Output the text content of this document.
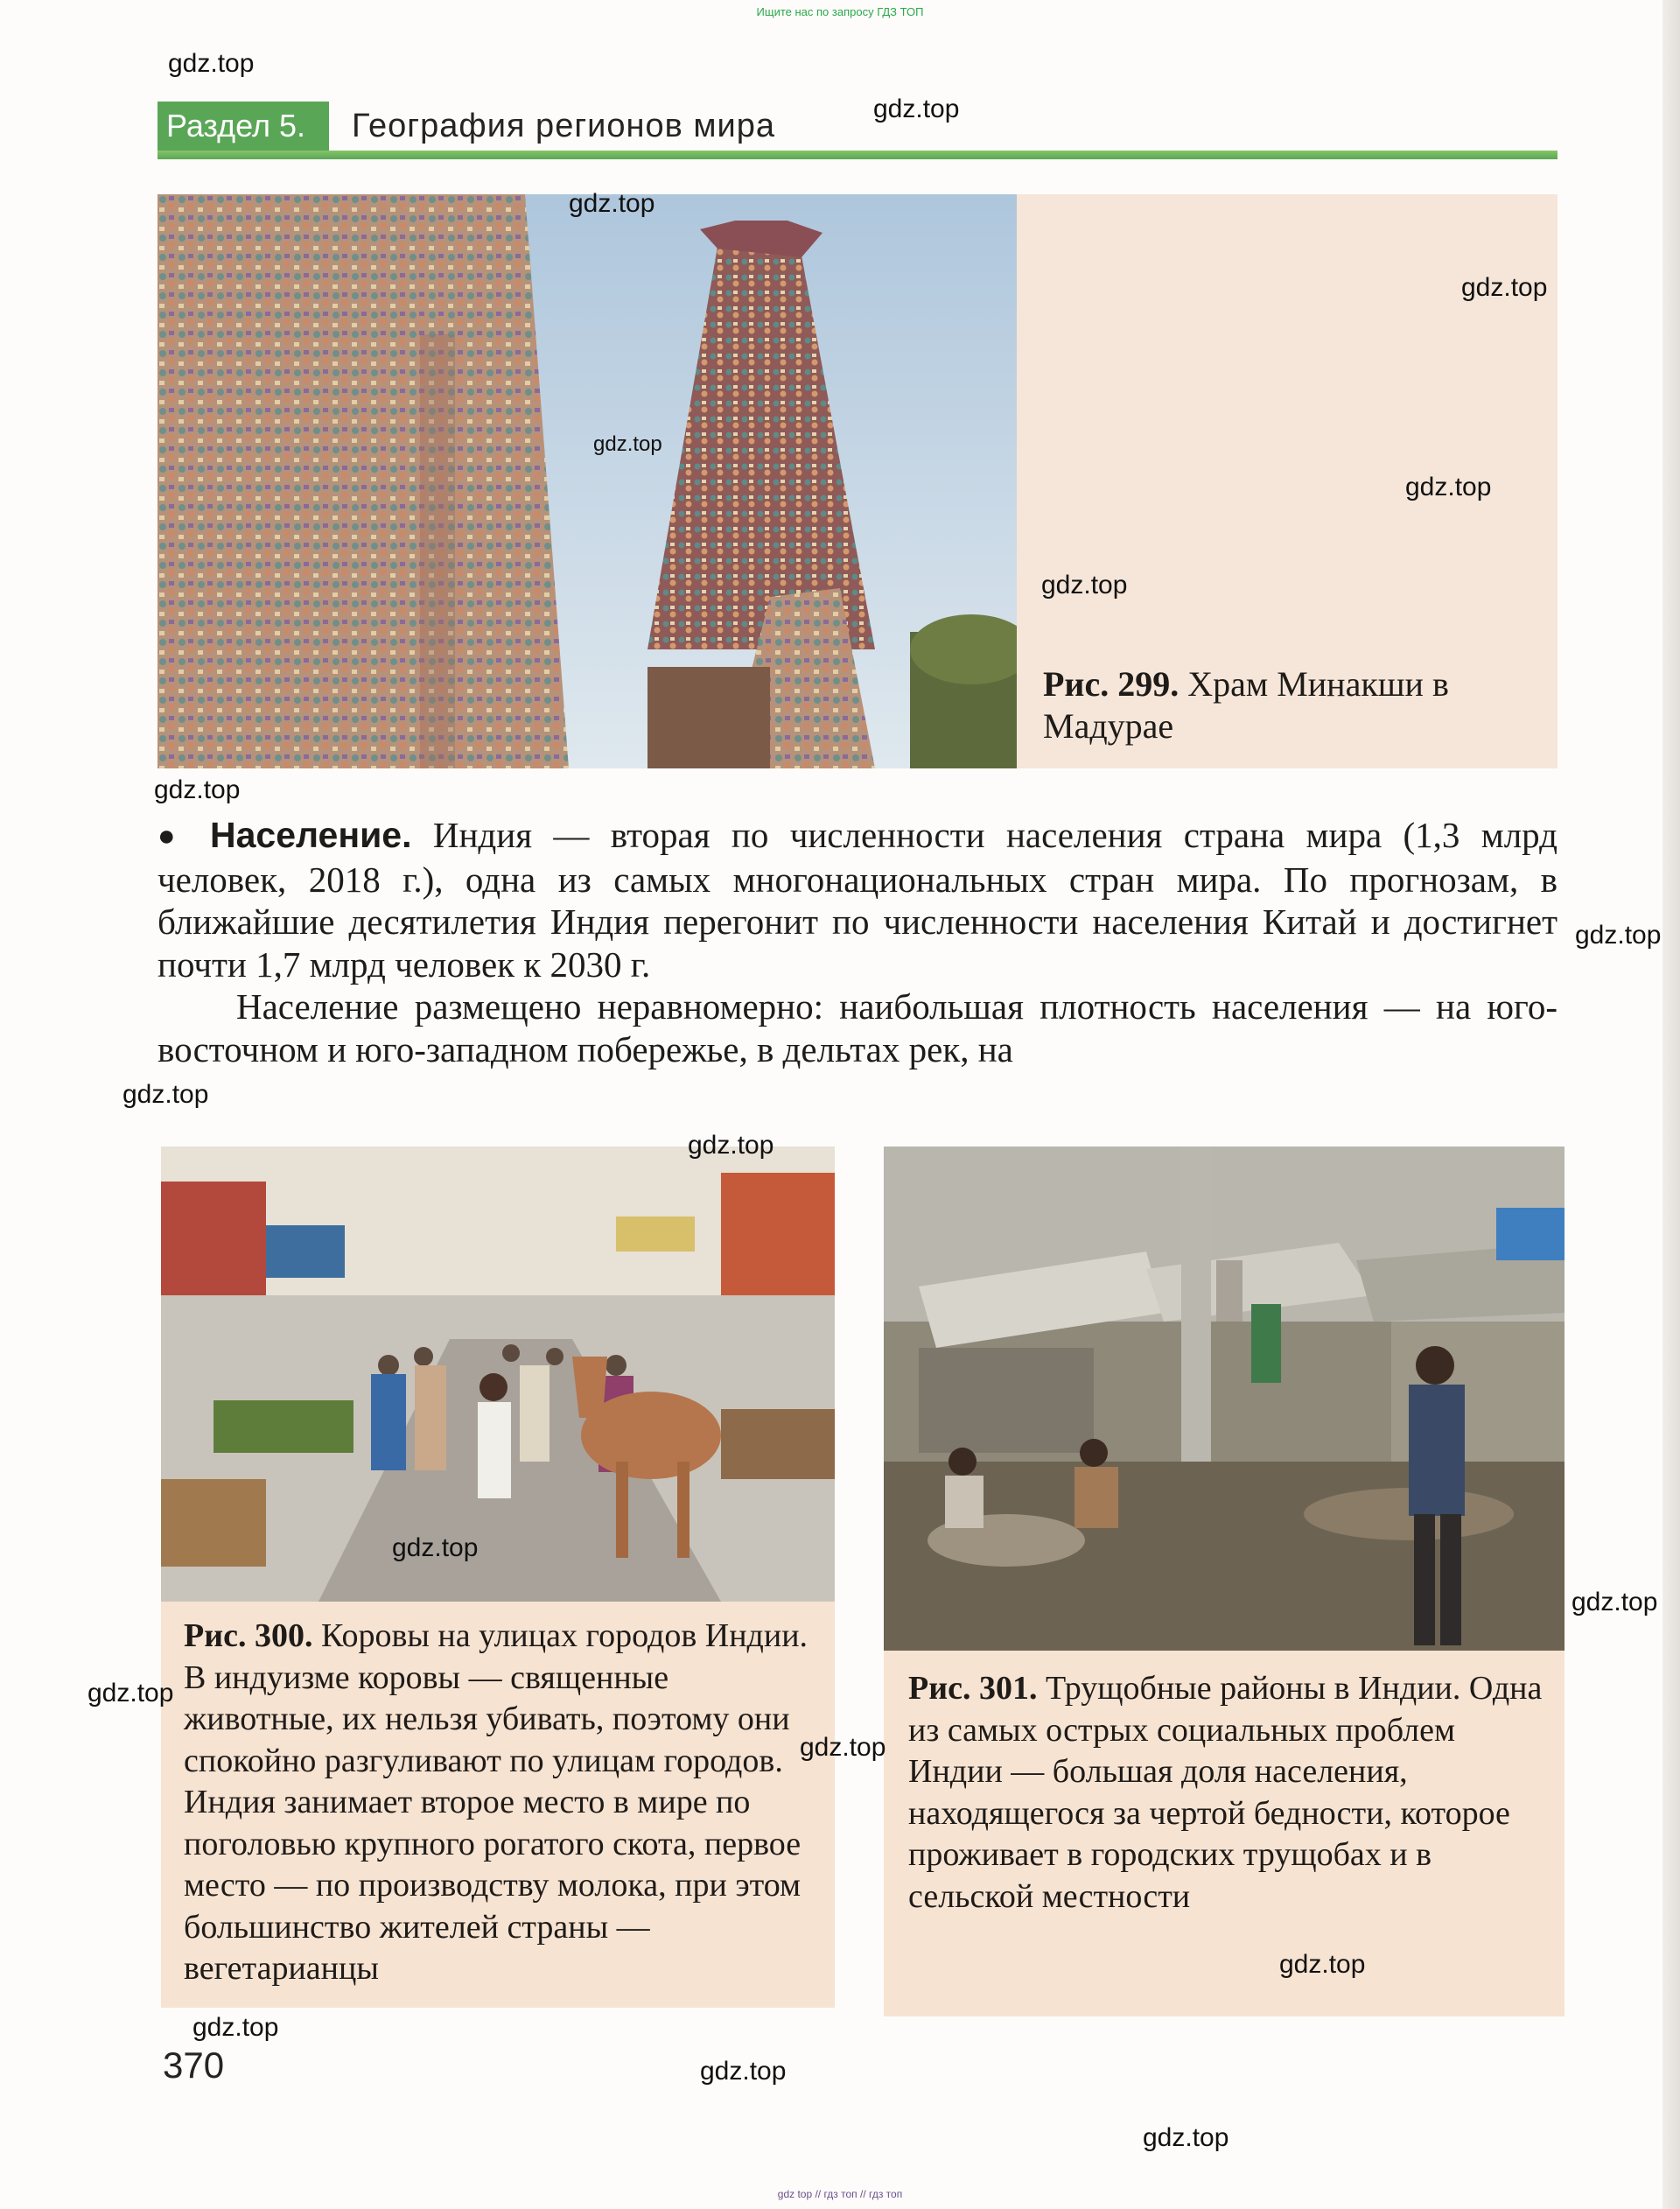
Ищите нас по запросу ГДЗ ТОП
Раздел 5.	География регионов мира
Рис. 299. Храм Минакши в Мадурае

● Население. Индия — вторая по численности населения страна мира (1,3 млрд человек, 2018 г.), одна из самых многонациональных стран мира. По прогнозам, в ближайшие десятилетия Индия перегонит по численности населения Китай и достигнет почти 1,7 млрд человек к 2030 г.

Население размещено неравномерно: наибольшая плотность населения — на юго-восточном и юго-западном побережье, в дельтах рек, на

Рис. 300. Коровы на улицах городов Индии. В индуизме коровы — священные животные, их нельзя убивать, поэтому они спокойно разгуливают по улицам городов. Индия занимает второе место в мире по поголовью крупного рогатого скота, первое место — по производству молока, при этом большинство жителей страны — вегетарианцы
Рис. 301. Трущобные районы в Индии. Одна из самых острых социальных проблем Индии — большая доля населения, находящегося за чертой бедности, которое проживает в городских трущобах и в сельской местности
370
gdz.top
gdz.top
gdz.top
gdz.top
gdz.top
gdz.top
gdz.top
gdz.top
gdz.top
gdz.top
gdz.top
gdz.top
gdz.top
gdz.top
gdz.top
gdz.top
gdz.top
gdz.top
gdz.top
gdz top // гдз топ // гдз топ
